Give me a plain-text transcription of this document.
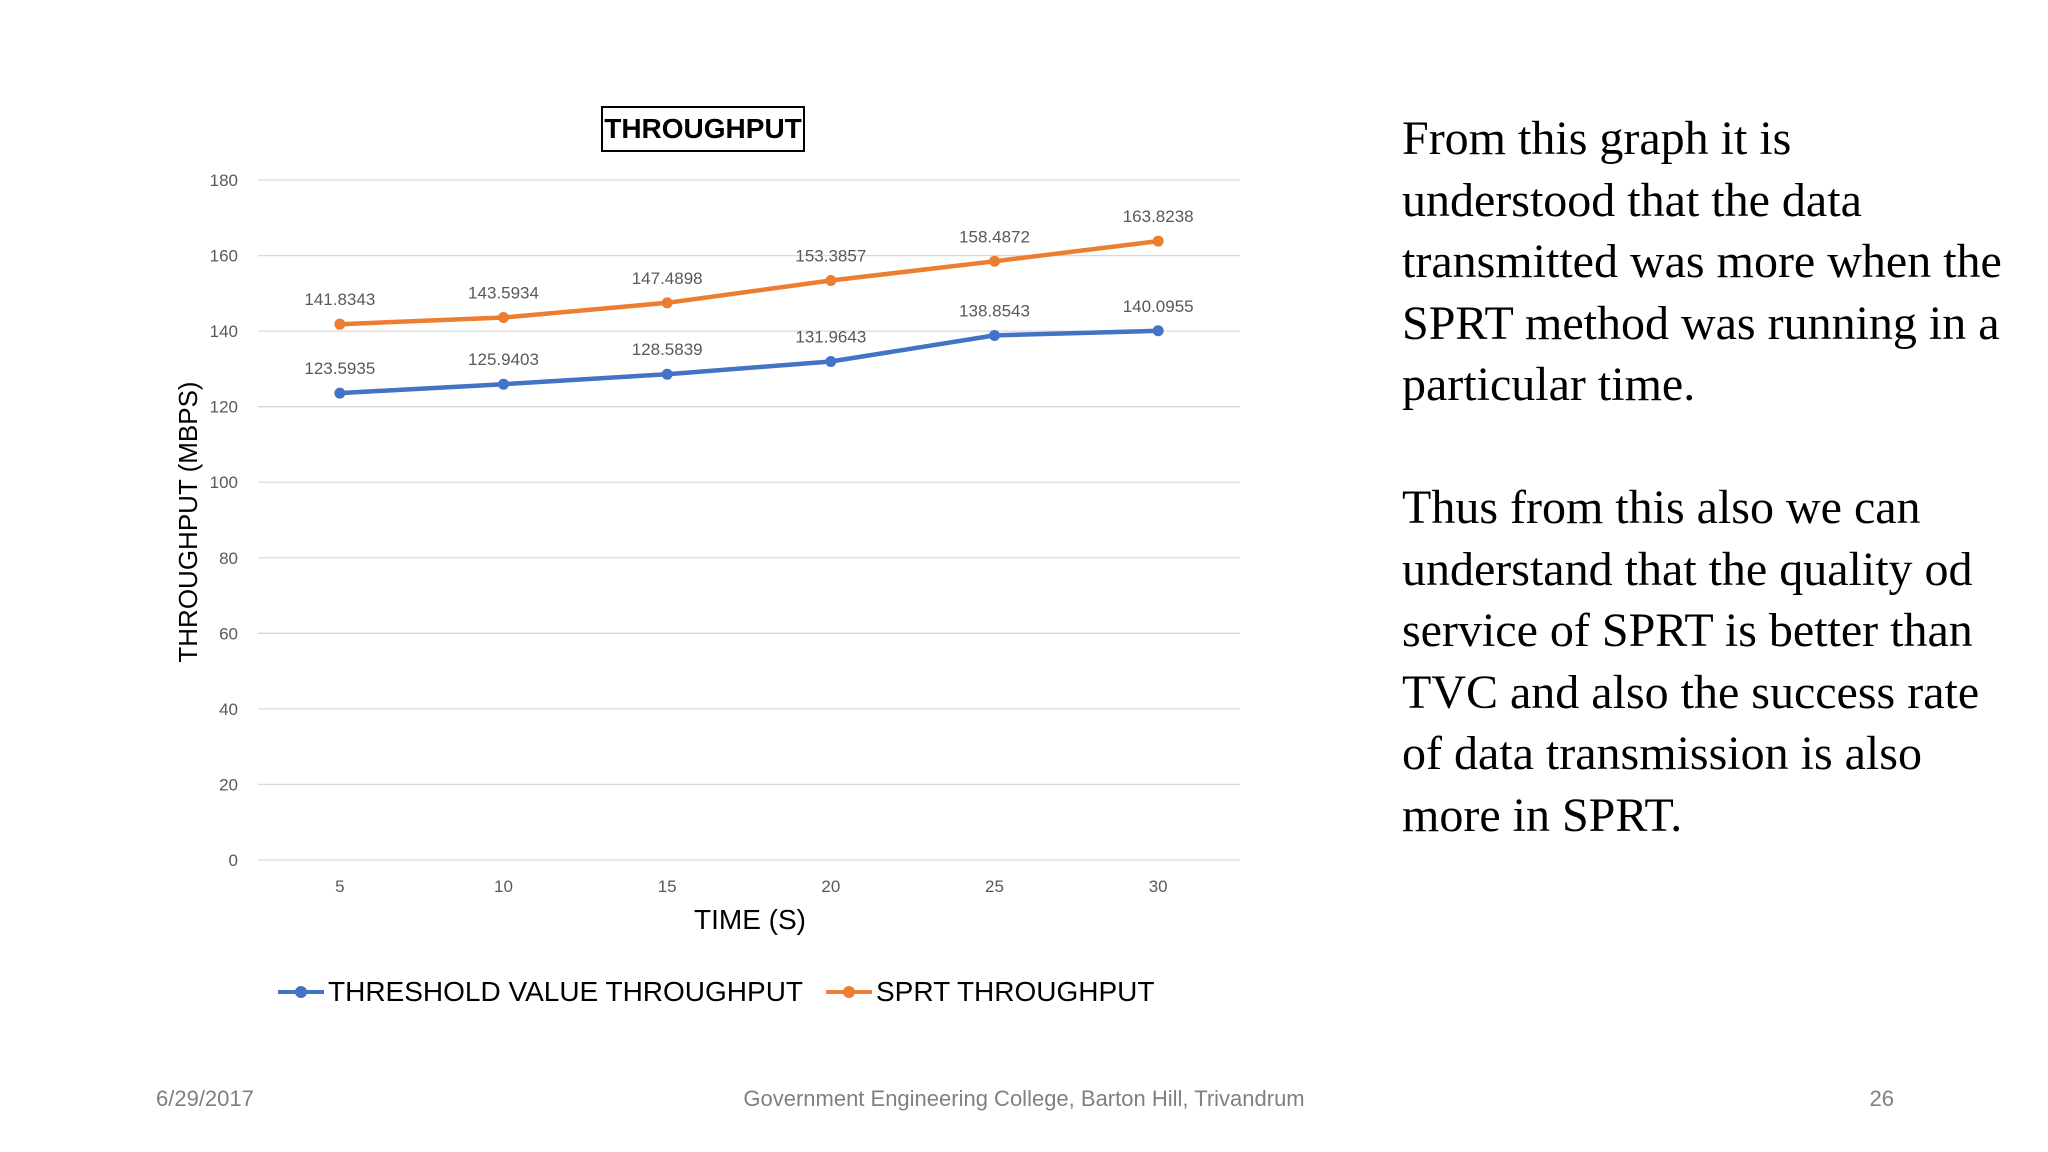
0
20
40
60
80
100
120
140
160
180
5	10	15	20	25	30
123.5935	125.9403
128.5839
131.9643
138.8543	140.0955
141.8343	143.5934
147.4898
153.3857
158.4872
163.8238
THROUGHPUT
THROUGHPUT (MBPS)
TIME (S)
THRESHOLD VALUE THROUGHPUT	SPRT THROUGHPUT

From this graph it is understood that the data transmitted was more when the SPRT method was running in a particular time.

Thus from this also we can understand that the quality od service of SPRT is better than TVC and also the success rate of data transmission is also more in SPRT.

6/29/2017	Government Engineering College, Barton Hill, Trivandrum	26
